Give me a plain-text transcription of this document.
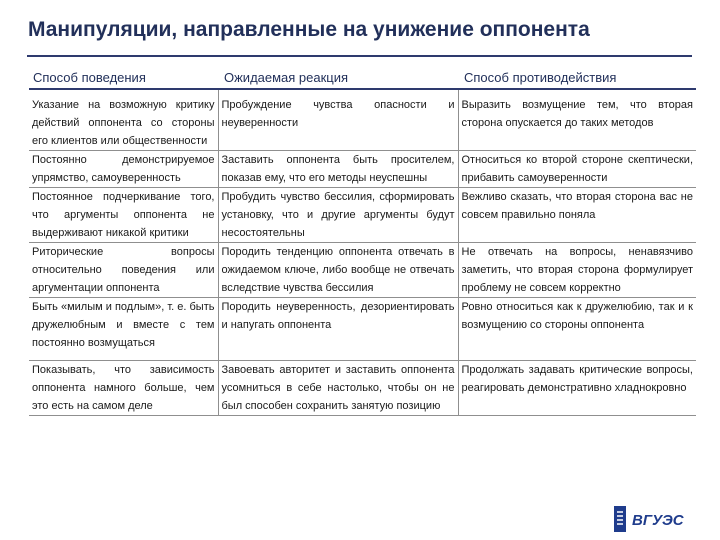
Манипуляции, направленные на унижение оппонента
Способ поведения	Ожидаемая реакция	Способ противодействия
Указание на возможную критику действий оппонента со стороны его клиентов или общественности	Пробуждение чувства опасности и неуверенности	Выразить возмущение тем, что вторая сторона опускается до таких методов
Постоянно демонстрируемое упрямство, самоуверенность	Заставить оппонента быть просителем, показав ему, что его методы неуспешны	Относиться ко второй стороне скептически, прибавить самоуверенности
Постоянное подчеркивание того, что аргументы оппонента не выдерживают никакой критики	Пробудить чувство бессилия, сформировать установку, что и другие аргументы будут несостоятельны	Вежливо сказать, что вторая сторона вас не совсем правильно поняла
Риторические вопросы относительно поведения или аргументации оппонента	Породить тенденцию оппонента отвечать в ожидаемом ключе, либо вообще не отвечать вследствие чувства бессилия	Не отвечать на вопросы, ненавязчиво заметить, что вторая сторона формулирует проблему не совсем корректно
Быть «милым и подлым», т. е. быть дружелюбным и вместе с тем постоянно возмущаться	Породить неуверенность, дезориентировать и напугать оппонента	Ровно относиться как к дружелюбию, так и к возмущению со стороны оппонента
Показывать, что зависимость оппонента намного больше, чем это есть на самом деле	Завоевать авторитет и заставить оппонента усомниться в себе настолько, чтобы он не был способен сохранить занятую позицию	Продолжать задавать критические вопросы, реагировать демонстративно хладнокровно
ВГУЭС
